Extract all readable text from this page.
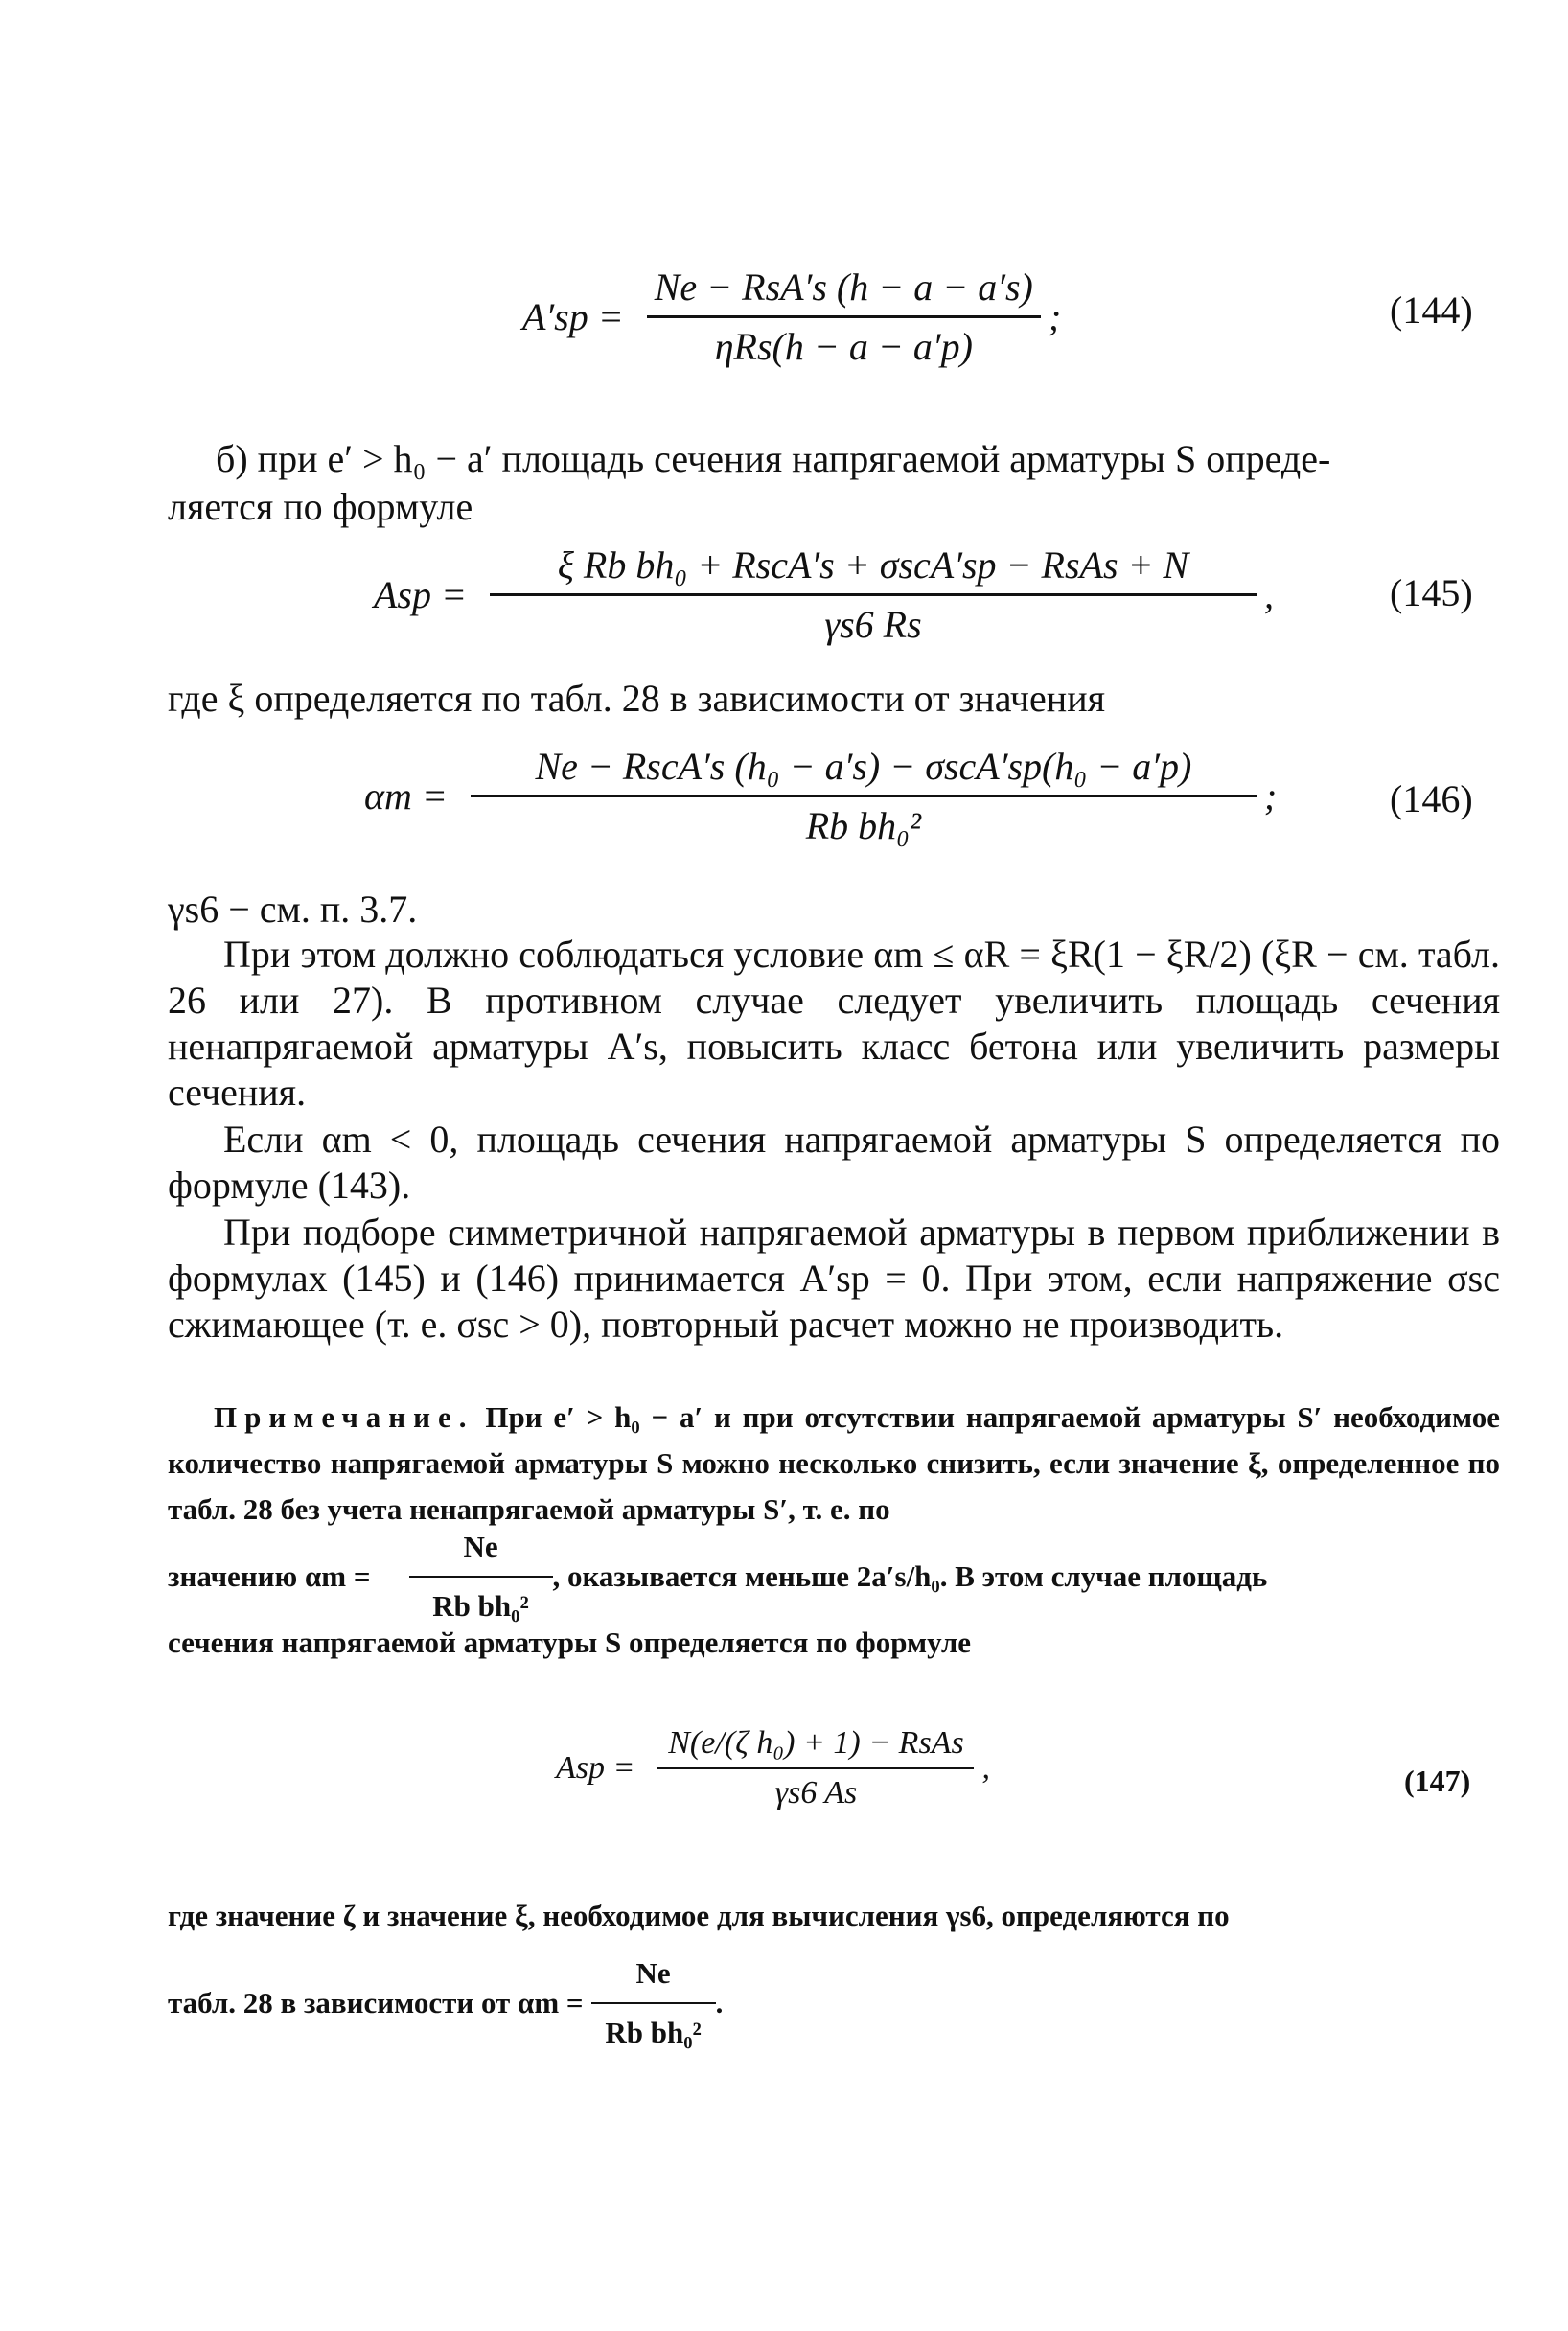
$A'sp = \frac{\text{Ne − RsA′s (h − a − a′s)}}{\text{ηRs(h − a − a′p)}}$ ;	(144)
б) при e′ > h₀ − a′ площадь сечения напрягаемой арматуры S опреде-
ляется по формуле
Asp = $\frac{\text{ξ Rb bh₀ + RscA′s + σscA′sp − RsAs + N}}{\gamma s6 Rs}$ ,	(145)
где ξ определяется по табл. 28 в зависимости от значения
$\alpha m = \frac{\text{Ne − RscA′s (h₀ − a′s) − σscA′sp(h₀ − a′p)}}{\text{Rb bh₀²}}$ ;	(146)
γs6 − см. п. 3.7.
При этом должно соблюдаться условие αm ≤ αR = ξR(1 − ξR/2) (ξR − см. табл. 26 или 27). В противном случае следует увеличить площадь сечения ненапрягаемой арматуры A′s, повысить класс бетона или увеличить размеры сечения.
Если αm < 0, площадь сечения напрягаемой арматуры S определяется по формуле (143).
При подборе симметричной напрягаемой арматуры в первом приближении в формулах (145) и (146) принимается A′sp = 0. При этом, если напряжение σsc сжимающее (т. е. σsc > 0), повторный расчет можно не производить.
Примечание. При e′ > h₀ − a′ и при отсутствии напрягаемой арматуры S′ необходимое количество напрягаемой арматуры S можно несколько снизить, если значение ξ, определенное по табл. 28 без учета ненапрягаемой арматуры S′, т. е. по
значению $\alpha m = \frac{Ne}{\text{Rb bh₀²}}$ , оказывается меньше 2a′s/h₀. В этом случае площадь
сечения напрягаемой арматуры S определяется по формуле
Asp = $\frac{\text{N(e/(ζ h₀) + 1) − RsAs}}{\gamma s6 As}$ ,	(147)
где значение ζ и значение ξ, необходимое для вычисления γs6, определяются по
табл. 28 в зависимости от $\alpha m = \frac{Ne}{\text{Rb bh₀²}}$ .
